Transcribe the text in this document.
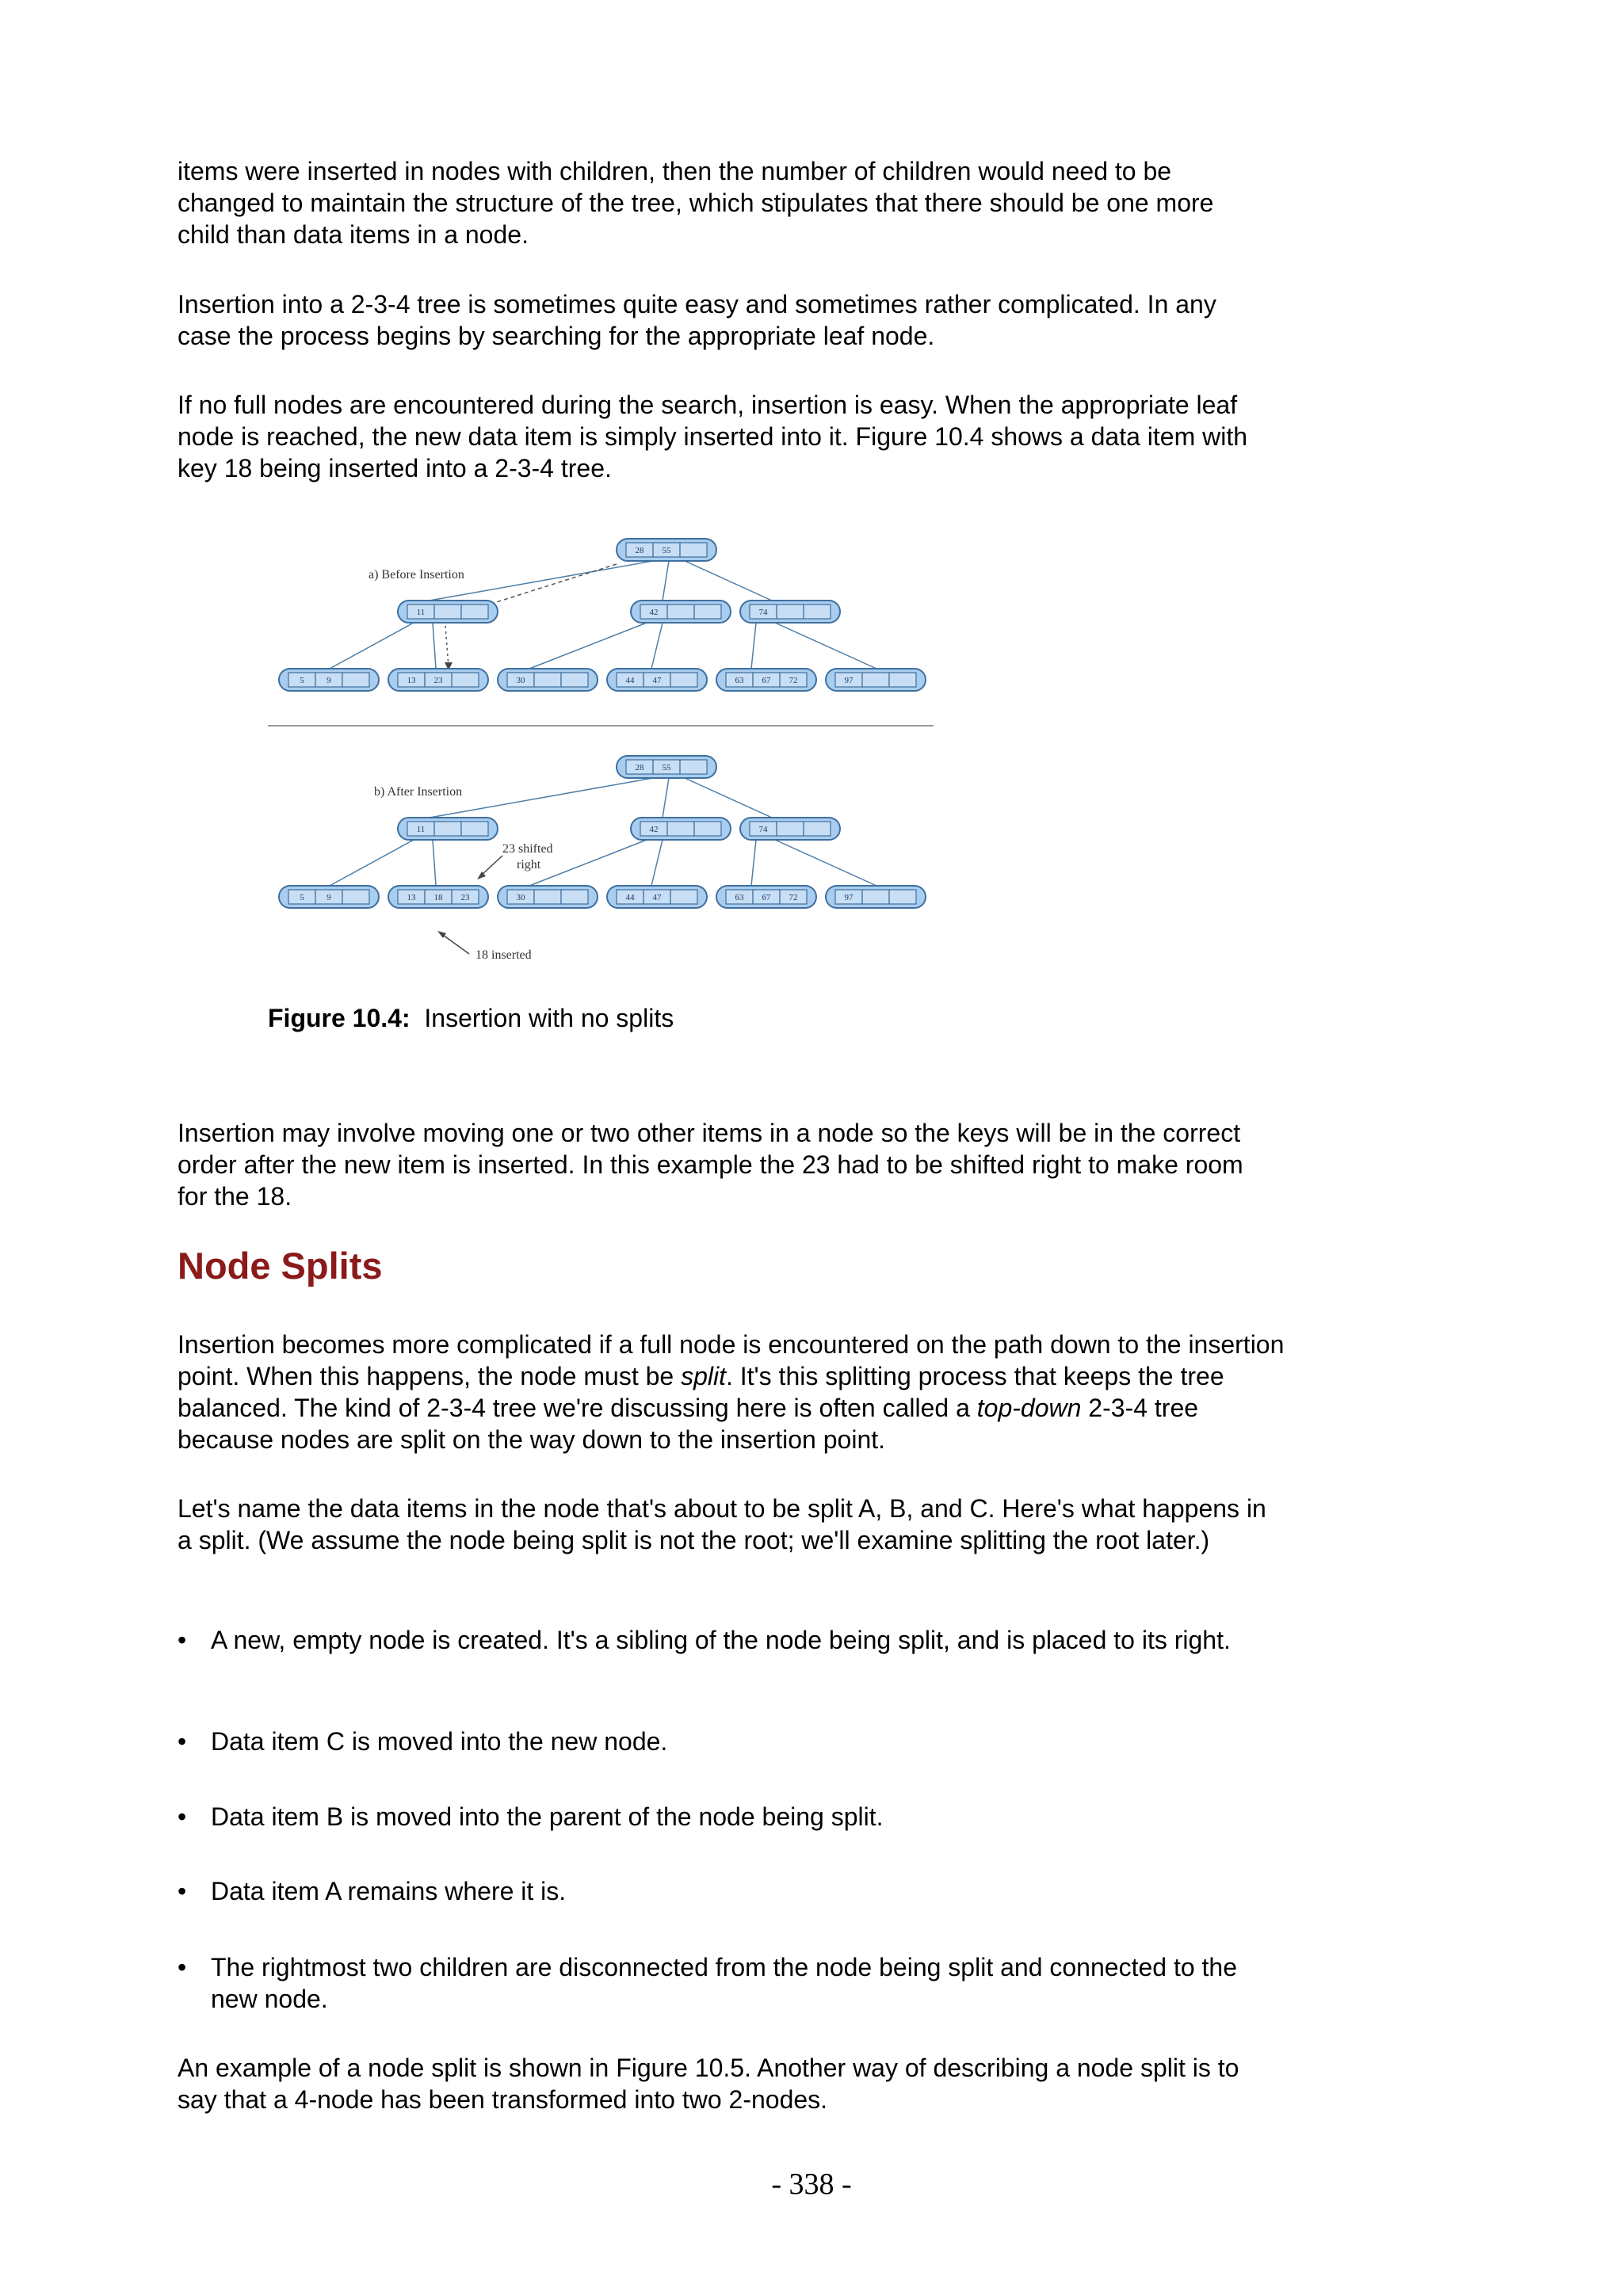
items were inserted in nodes with children, then the number of children would need to be changed to maintain the structure of the tree, which stipulates that there should be one more child than data items in a node.

Insertion into a 2-3-4 tree is sometimes quite easy and sometimes rather complicated. In any case the process begins by searching for the appropriate leaf node.

If no full nodes are encountered during the search, insertion is easy. When the appropriate leaf node is reached, the new data item is simply inserted into it. Figure 10.4 shows a data item with key 18 being inserted into a 2-3-4 tree.

28 55
11	42	74
5	9	13 23	30	44 47	63 67 72	97
28 55
11	42	74
5	9	13 18 23	30	44 47	63 67 72	97
a) Before Insertion
b) After Insertion
23 shifted
right
18 inserted
Figure 10.4: Insertion with no splits

Insertion may involve moving one or two other items in a node so the keys will be in the correct order after the new item is inserted. In this example the 23 had to be shifted right to make room for the 18.

Node Splits

Insertion becomes more complicated if a full node is encountered on the path down to the insertion point. When this happens, the node must be split. It's this splitting process that keeps the tree balanced. The kind of 2-3-4 tree we're discussing here is often called a top-down 2-3-4 tree because nodes are split on the way down to the insertion point.

Let's name the data items in the node that's about to be split A, B, and C. Here's what happens in a split. (We assume the node being split is not the root; we'll examine splitting the root later.)

• A new, empty node is created. It's a sibling of the node being split, and is placed to its right.
• Data item C is moved into the new node.
• Data item B is moved into the parent of the node being split.
• Data item A remains where it is.
• The rightmost two children are disconnected from the node being split and connected to the new node.

An example of a node split is shown in Figure 10.5. Another way of describing a node split is to say that a 4-node has been transformed into two 2-nodes.

- 338 -
